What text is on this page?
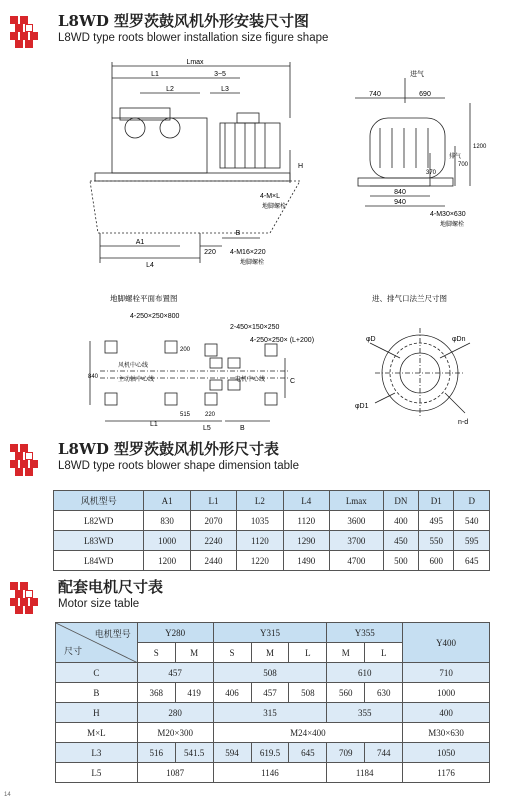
L8WD 型罗茨鼓风机外形安装尺寸图
L8WD type roots blower installation size figure shape
Lmax
L1	3~5
L2	L3
H
4-M×L
地脚螺栓
A1
L4
220
B
4-M16×220
地脚螺栓
740	690
进气
排气
840
940
370
700
1200
4-M30×630
地脚螺栓
地脚螺栓平面布置图
4-250×250×800
2-450×150×250
4-250×250× (L+200)
200
840
风机中心线
主动轴中心线	电机中心线	C
515 220
L1
L5	B
进、排气口法兰尺寸图
φD	φDn
φD1
n-d
L8WD 型罗茨鼓风机外形尺寸表
L8WD type roots blower shape dimension table
风机型号	A1	L1	L2	L4	Lmax	DN	D1	D
L82WD	830	2070	1035	1120	3600	400	495	540
L83WD	1000	2240	1120	1290	3700	450	550	595
L84WD	1200	2440	1220	1490	4700	500	600	645
配套电机尺寸表
Motor size table
电机型号
尺寸	Y280		Y315			Y355		Y400
	S	M	S	M	L	M	L	
C	457		508			610		710
B	368	419	406	457	508	560	630	1000
H	280		315			355		400
M×L	M20×300		M24×400					M30×630
L3	516	541.5	594	619.5	645	709	744	1050
L5	1087		1146			1184		1176
14
